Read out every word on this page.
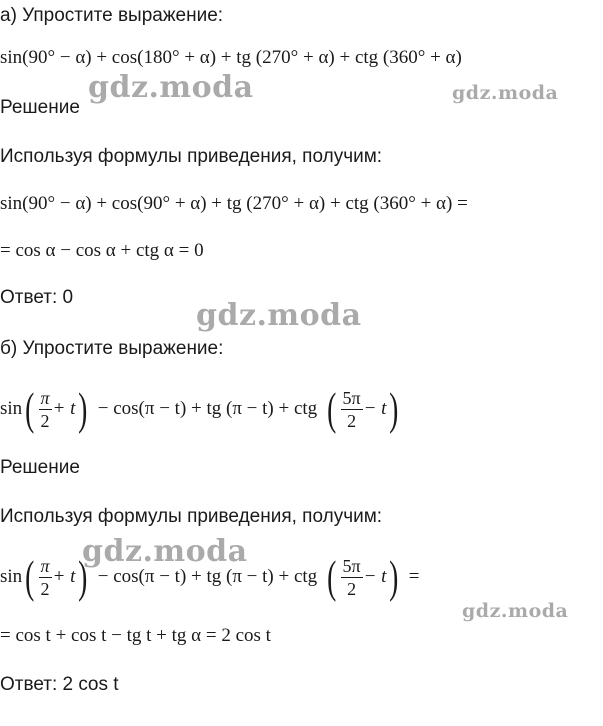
а) Упростите выражение:
sin(90° − α) + cos(180° + α) + tg (270° + α) + ctg (360° + α)
Решение
Используя формулы приведения, получим:
sin(90° − α) + cos(90° + α) + tg (270° + α) + ctg (360° + α) =
= cos α − cos α + ctg α = 0
Ответ: 0
б) Упростите выражение:
sin ( $\frac{\pi}{2} + t$ ) − cos(π − t) + tg (π − t) + ctg ( $\frac{5\pi}{2} - t$ )
Решение
Используя формулы приведения, получим:
sin ( $\frac{\pi}{2} + t$ ) − cos(π − t) + tg (π − t) + ctg ( $\frac{5\pi}{2} - t$ ) =
= cos t + cos t − tg t + tg α = 2 cos t
Ответ: 2 cos t
gdz.moda	gdz.moda
gdz.moda
gdz.moda
gdz.moda
